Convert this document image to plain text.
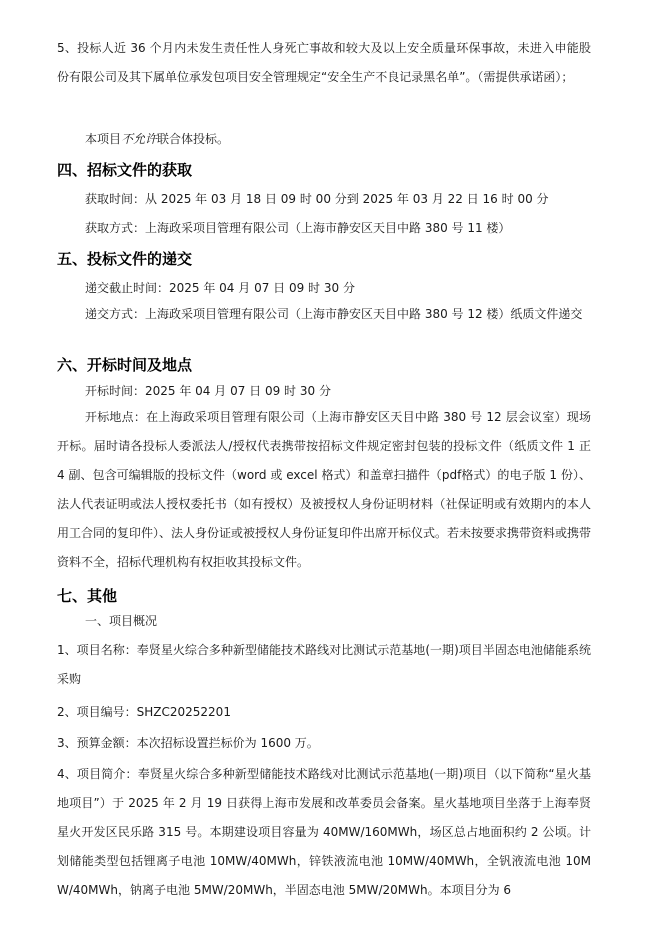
5、投标人近 36 个月内未发生责任性人身死亡事故和较大及以上安全质量环保事故，未进入申能股份有限公司及其下属单位承发包项目安全管理规定“安全生产不良记录黑名单”。（需提供承诺函）；

本项目不允许联合体投标。

四、招标文件的获取

获取时间：从 2025 年 03 月 18 日 09 时 00 分到 2025 年 03 月 22 日 16 时 00 分

获取方式：上海政采项目管理有限公司（上海市静安区天目中路 380 号 11 楼）

五、投标文件的递交

递交截止时间：2025 年 04 月 07 日 09 时 30 分

递交方式：上海政采项目管理有限公司（上海市静安区天目中路 380 号 12 楼）纸质文件递交

六、开标时间及地点

开标时间：2025 年 04 月 07 日 09 时 30 分

开标地点：在上海政采项目管理有限公司（上海市静安区天目中路 380 号 12 层会议室）现场开标。届时请各投标人委派法人/授权代表携带按招标文件规定密封包装的投标文件（纸质文件 1 正 4 副、包含可编辑版的投标文件（word 或 excel 格式）和盖章扫描件（pdf格式）的电子版 1 份）、法人代表证明或法人授权委托书（如有授权）及被授权人身份证明材料（社保证明或有效期内的本人用工合同的复印件）、法人身份证或被授权人身份证复印件出席开标仪式。若未按要求携带资料或携带资料不全，招标代理机构有权拒收其投标文件。

七、其他

一、项目概况

1、项目名称：奉贤星火综合多种新型储能技术路线对比测试示范基地(一期)项目半固态电池储能系统采购

2、项目编号：SHZC20252201

3、预算金额：本次招标设置拦标价为 1600 万。

4、项目简介：奉贤星火综合多种新型储能技术路线对比测试示范基地(一期)项目（以下简称“星火基地项目”）于 2025 年 2 月 19 日获得上海市发展和改革委员会备案。星火基地项目坐落于上海奉贤星火开发区民乐路 315 号。本期建设项目容量为 40MW/160MWh，场区总占地面积约 2 公顷。计划储能类型包括锂离子电池 10MW/40MWh，锌铁液流电池 10MW/40MWh，全钒液流电池 10MW/40MWh，钠离子电池 5MW/20MWh，半固态电池 5MW/20MWh。本项目分为 6
